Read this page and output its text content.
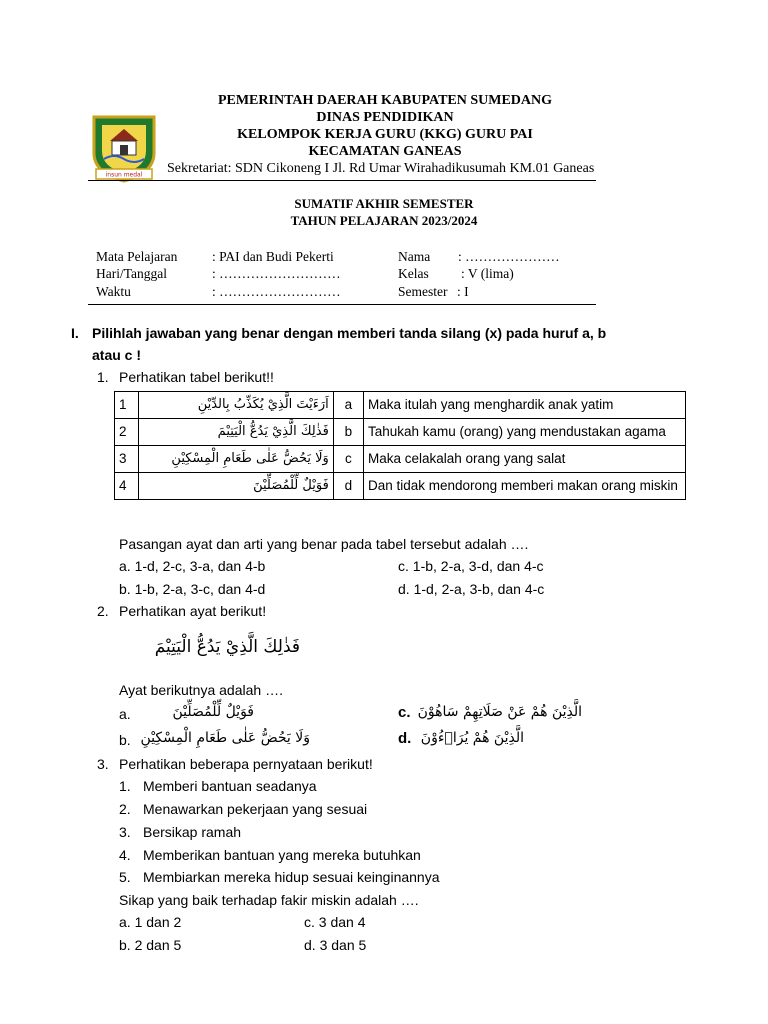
insun medal
PEMERINTAH DAERAH KABUPATEN SUMEDANG
DINAS PENDIDIKAN
KELOMPOK KERJA GURU (KKG) GURU PAI
KECAMATAN GANEAS
Sekretariat: SDN Cikoneng I Jl. Rd Umar Wirahadikusumah KM.01 Ganeas
SUMATIF AKHIR SEMESTER
TAHUN PELAJARAN 2023/2024
Mata Pelajaran	: PAI dan Budi Pekerti
Hari/Tanggal	: ………………………
Waktu	: ………………………
Nama : …………………
Kelas : V (lima)
Semester : I
I. Pilihlah jawaban yang benar dengan memberi tanda silang (x) pada huruf a, b
atau c !
1. Perhatikan tabel berikut!!
1	اَرَءَيْتَ الَّذِيْ يُكَذِّبُ بِالدِّيْنِ	a	Maka itulah yang menghardik anak yatim
2	فَذٰلِكَ الَّذِيْ يَدُعُّ الْيَتِيْمَ	b	Tahukah kamu (orang) yang mendustakan agama
3	وَلَا يَحُضُّ عَلٰى طَعَامِ الْمِسْكِيْنِ	c	Maka celakalah orang yang salat
4	فَوَيْلٌ لِّلْمُصَلِّيْنَ	d	Dan tidak mendorong memberi makan orang miskin
Pasangan ayat dan arti yang benar pada tabel tersebut adalah ….
a. 1-d, 2-c, 3-a, dan 4-b	c. 1-b, 2-a, 3-d, dan 4-c
b. 1-b, 2-a, 3-c, dan 4-d	d. 1-d, 2-a, 3-b, dan 4-c
2. Perhatikan ayat berikut!
فَذٰلِكَ الَّذِيْ يَدُعُّ الْيَتِيْمَ
Ayat berikutnya adalah ….
a.	فَوَيْلٌ لِّلْمُصَلِّيْنَ	c. الَّذِيْنَ هُمْ عَنْ صَلَاتِهِمْ سَاهُوْنَ
b. وَلَا يَحُضُّ عَلٰى طَعَامِ الْمِسْكِيْنِ	d. الَّذِيْنَ هُمْ يُرَاۤءُوْنَ
3. Perhatikan beberapa pernyataan berikut!
1. Memberi bantuan seadanya
2. Menawarkan pekerjaan yang sesuai
3. Bersikap ramah
4. Memberikan bantuan yang mereka butuhkan
5. Membiarkan mereka hidup sesuai keinginannya
Sikap yang baik terhadap fakir miskin adalah ….
a. 1 dan 2	c. 3 dan 4
b. 2 dan 5	d. 3 dan 5
